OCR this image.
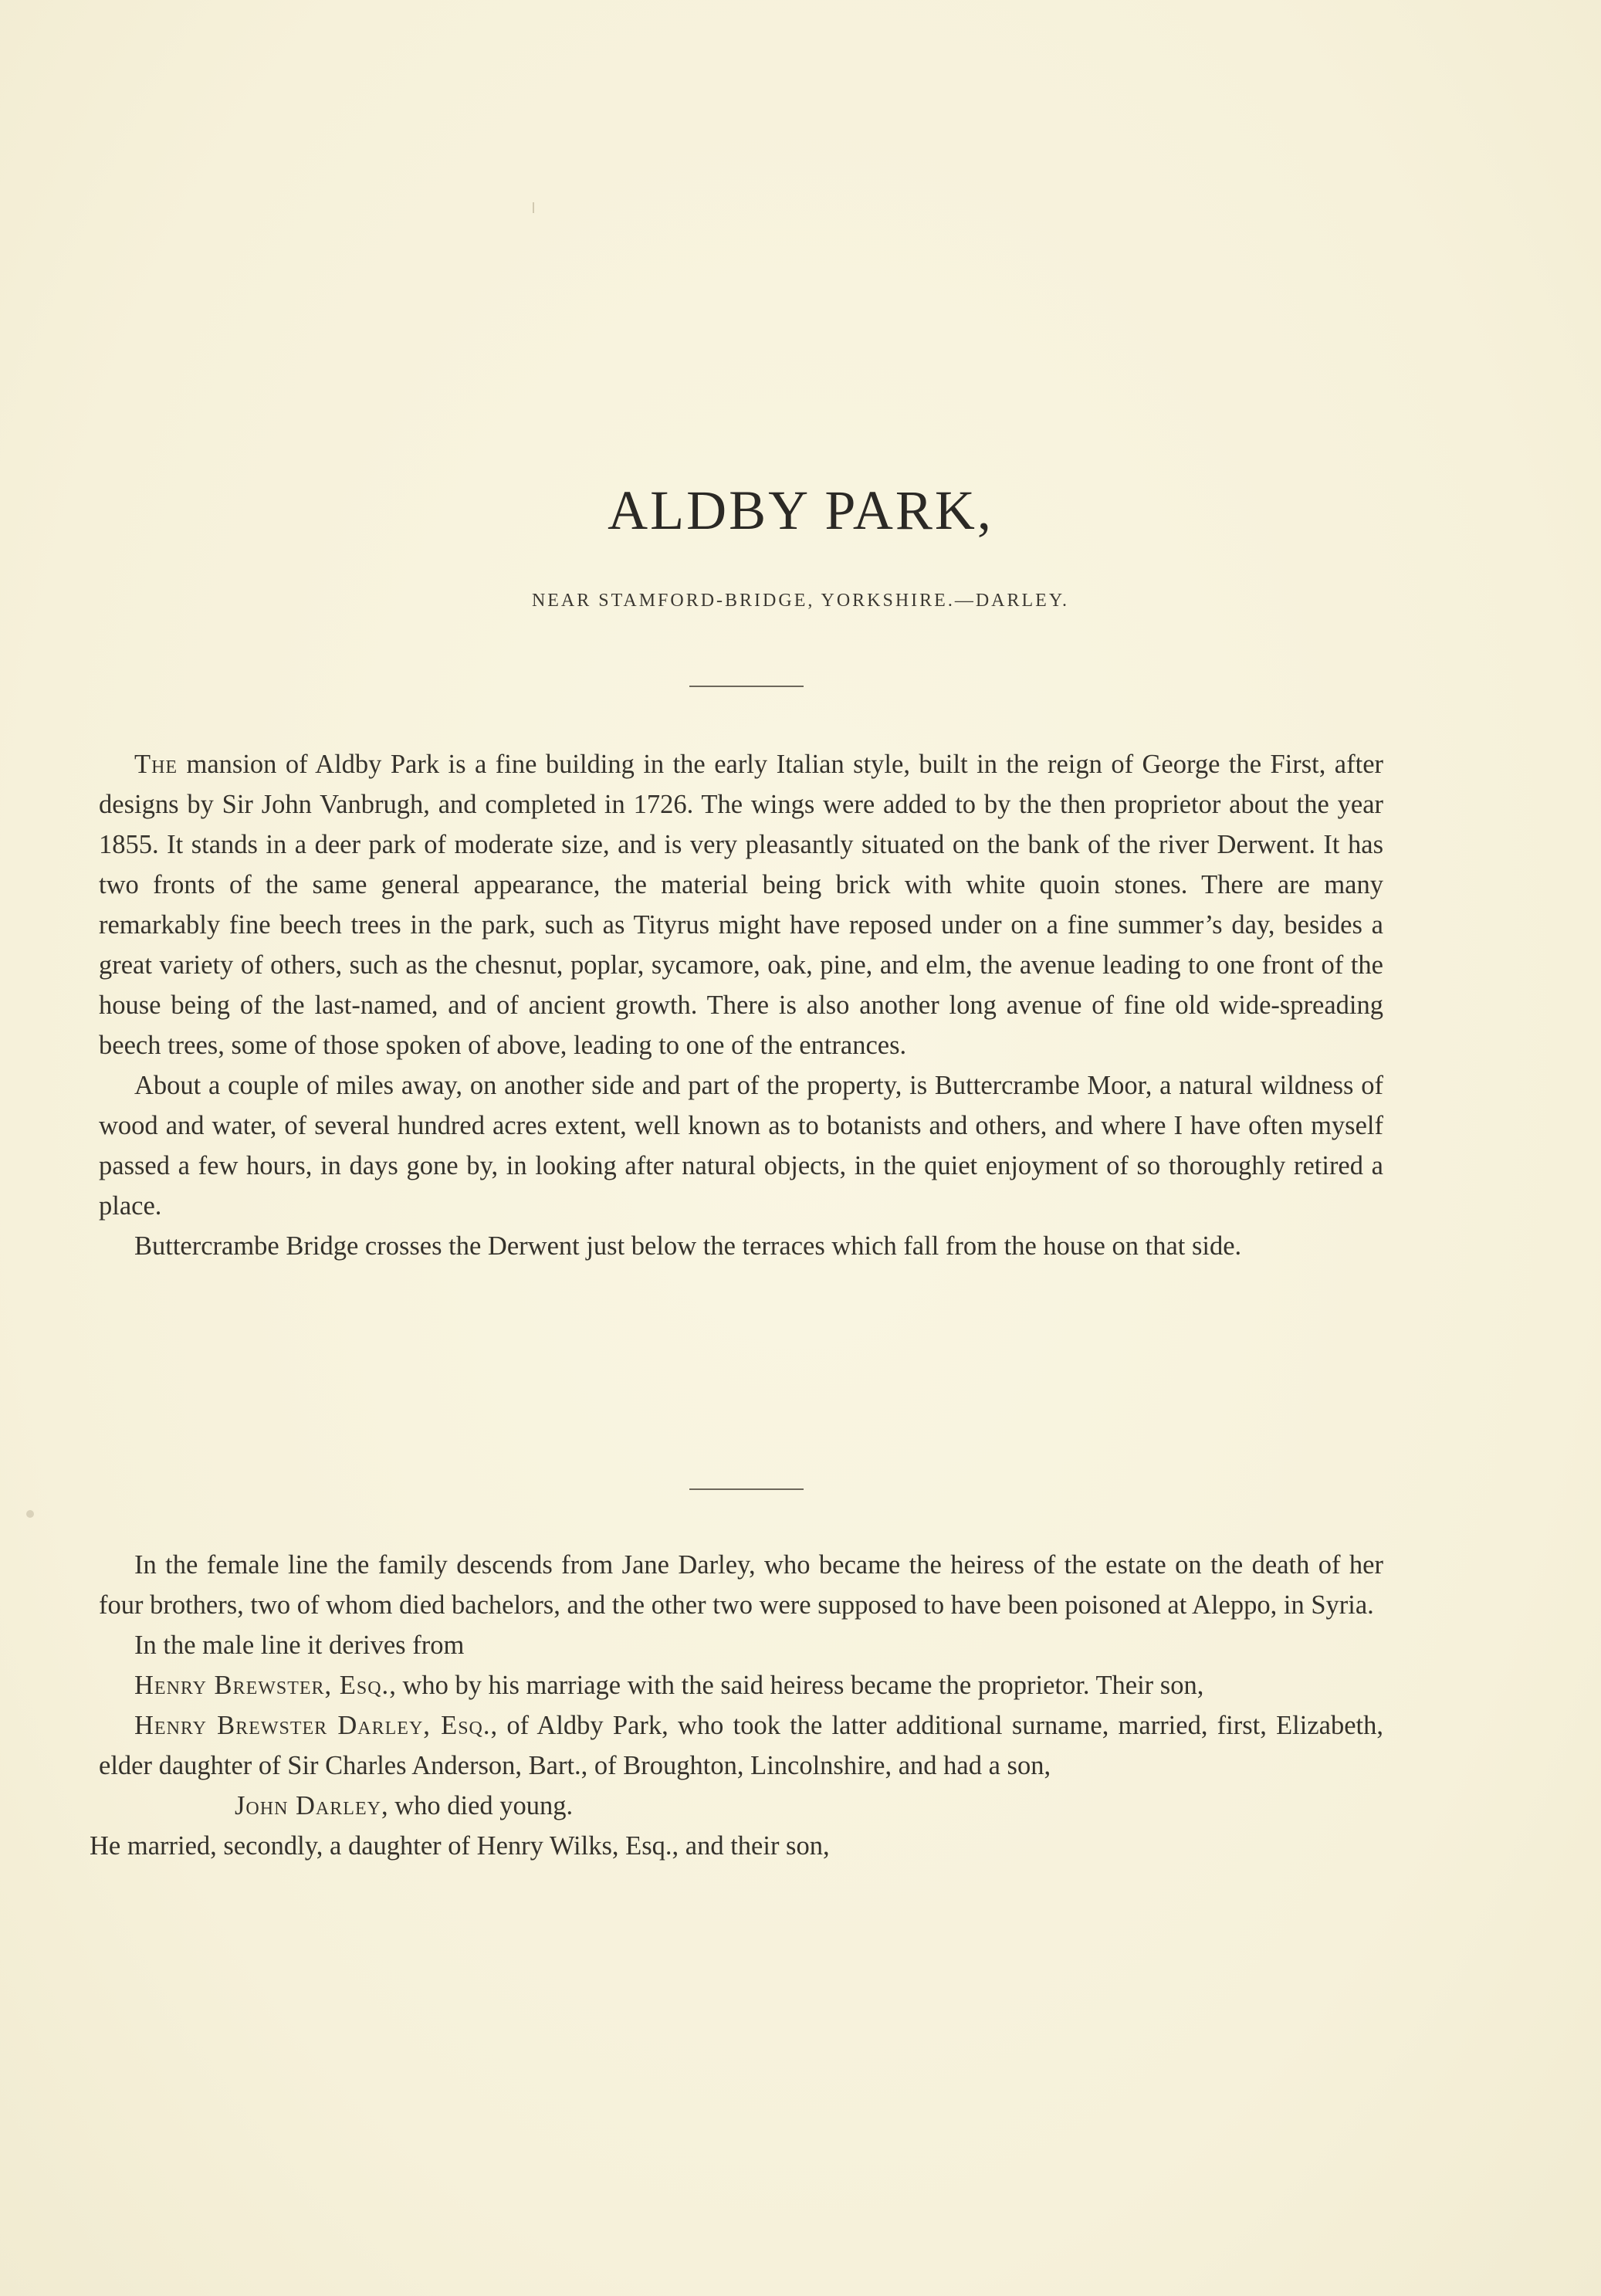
ALDBY PARK,

NEAR STAMFORD-BRIDGE, YORKSHIRE.—DARLEY.

The mansion of Aldby Park is a fine building in the early Italian style, built in the reign of George the First, after designs by Sir John Vanbrugh, and completed in 1726. The wings were added to by the then proprietor about the year 1855. It stands in a deer park of moderate size, and is very pleasantly situated on the bank of the river Derwent. It has two fronts of the same general appearance, the material being brick with white quoin stones. There are many remarkably fine beech trees in the park, such as Tityrus might have reposed under on a fine summer’s day, besides a great variety of others, such as the chesnut, poplar, sycamore, oak, pine, and elm, the avenue leading to one front of the house being of the last-named, and of ancient growth. There is also another long avenue of fine old wide-spreading beech trees, some of those spoken of above, leading to one of the entrances.

About a couple of miles away, on another side and part of the property, is Buttercrambe Moor, a natural wildness of wood and water, of several hundred acres extent, well known as to botanists and others, and where I have often myself passed a few hours, in days gone by, in looking after natural objects, in the quiet enjoyment of so thoroughly retired a place.

Buttercrambe Bridge crosses the Derwent just below the terraces which fall from the house on that side.

In the female line the family descends from Jane Darley, who became the heiress of the estate on the death of her four brothers, two of whom died bachelors, and the other two were supposed to have been poisoned at Aleppo, in Syria.

In the male line it derives from

Henry Brewster, Esq., who by his marriage with the said heiress became the proprietor. Their son,

Henry Brewster Darley, Esq., of Aldby Park, who took the latter additional surname, married, first, Elizabeth, elder daughter of Sir Charles Anderson, Bart., of Broughton, Lincolnshire, and had a son,

John Darley, who died young.

He married, secondly, a daughter of Henry Wilks, Esq., and their son,
